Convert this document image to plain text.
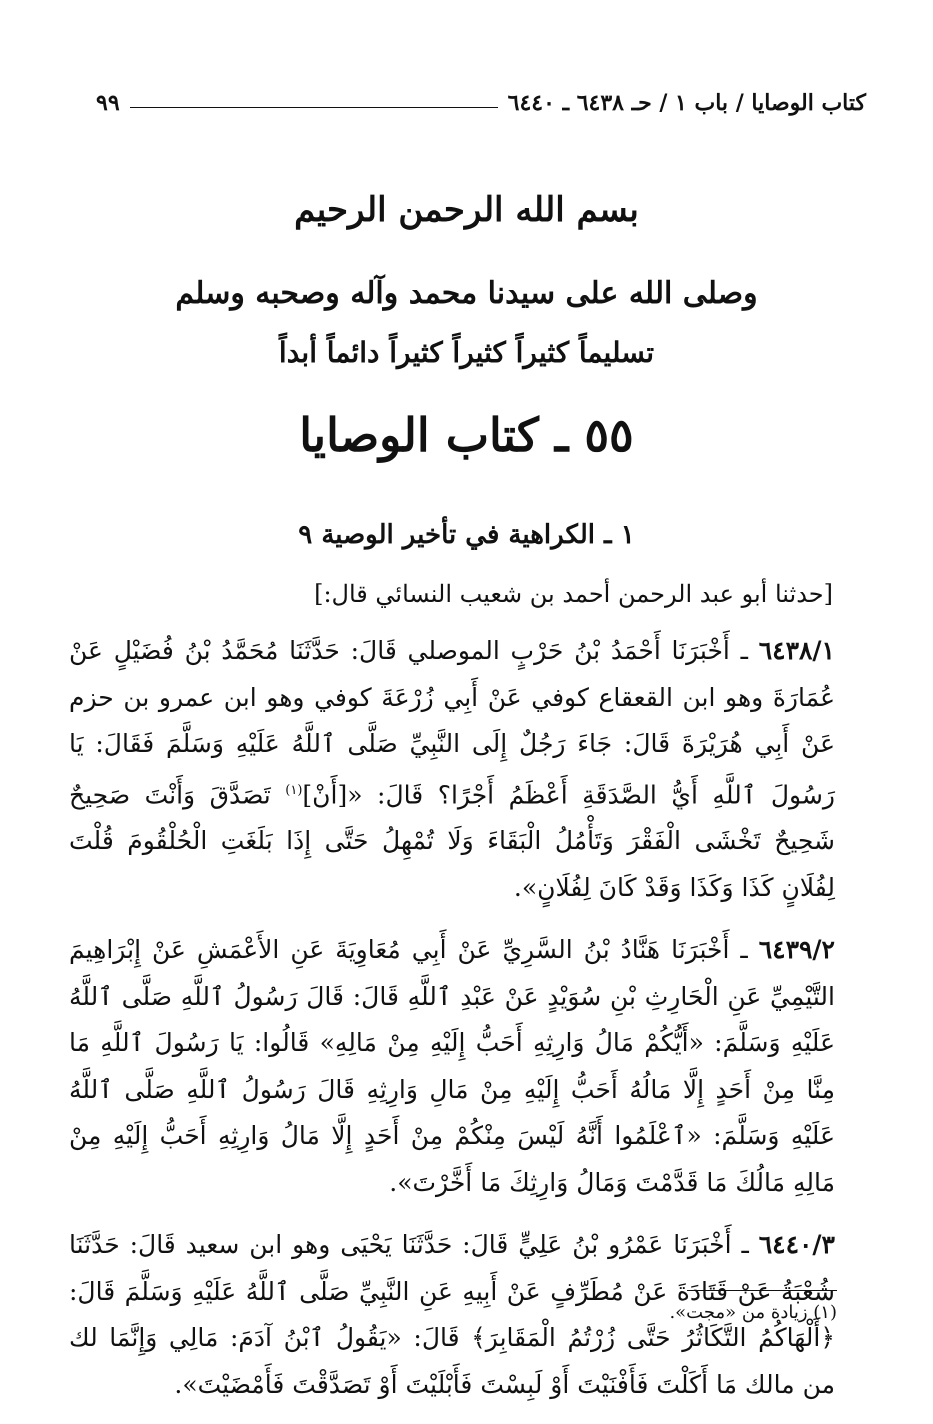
كتاب الوصايا / باب ١ / حـ ٦٤٣٨ ـ ٦٤٤٠
٩٩
بسم الله الرحمن الرحيم
وصلى الله على سيدنا محمد وآله وصحبه وسلم
تسليماً كثيراً كثيراً كثيراً دائماً أبداً
٥٥ ـ كتاب الوصايا
١ ـ الكراهية في تأخير الوصية ٩
[حدثنا أبو عبد الرحمن أحمد بن شعيب النسائي قال:]

٦٤٣٨/١ ـ أَخْبَرَنَا أَحْمَدُ بْنُ حَرْبٍ الموصلي قَالَ: حَدَّثَنَا مُحَمَّدُ بْنُ فُضَيْلٍ عَنْ عُمَارَةَ وهو ابن القعقاع كوفي عَنْ أَبِي زُرْعَةَ كوفي وهو ابن عمرو بن حزم عَنْ أَبِي هُرَيْرَةَ قَالَ: جَاءَ رَجُلٌ إِلَى النَّبِيِّ صَلَّى ٱللَّهُ عَلَيْهِ وَسَلَّمَ فَقَالَ: يَا رَسُولَ ٱللَّهِ أَيُّ الصَّدَقَةِ أَعْظَمُ أَجْرًا؟ قَالَ: «[أَنْ]$^{(١)}$ تَصَدَّقَ وَأَنْتَ صَحِيحٌ شَحِيحٌ تَخْشَى الْفَقْرَ وَتَأْمُلُ الْبَقَاءَ وَلَا تُمْهِلُ حَتَّى إِذَا بَلَغَتِ الْحُلْقُومَ قُلْتَ لِفُلَانٍ كَذَا وَكَذَا وَقَدْ كَانَ لِفُلَانٍ».

٦٤٣٩/٢ ـ أَخْبَرَنَا هَنَّادُ بْنُ السَّرِيِّ عَنْ أَبِي مُعَاوِيَةَ عَنِ الأَعْمَشِ عَنْ إِبْرَاهِيمَ التَّيْمِيِّ عَنِ الْحَارِثِ بْنِ سُوَيْدٍ عَنْ عَبْدِ ٱللَّهِ قَالَ: قَالَ رَسُولُ ٱللَّهِ صَلَّى ٱللَّهُ عَلَيْهِ وَسَلَّمَ: «أَيُّكُمْ مَالُ وَارِثِهِ أَحَبُّ إِلَيْهِ مِنْ مَالِهِ» قَالُوا: يَا رَسُولَ ٱللَّهِ مَا مِنَّا مِنْ أَحَدٍ إِلَّا مَالُهُ أَحَبُّ إِلَيْهِ مِنْ مَالِ وَارِثِهِ قَالَ رَسُولُ ٱللَّهِ صَلَّى ٱللَّهُ عَلَيْهِ وَسَلَّمَ: «ٱعْلَمُوا أَنَّهُ لَيْسَ مِنْكُمْ مِنْ أَحَدٍ إِلَّا مَالُ وَارِثِهِ أَحَبُّ إِلَيْهِ مِنْ مَالِهِ مَالُكَ مَا قَدَّمْتَ وَمَالُ وَارِثِكَ مَا أَخَّرْتَ».

٦٤٤٠/٣ ـ أَخْبَرَنَا عَمْرُو بْنُ عَلِيٍّ قَالَ: حَدَّثَنَا يَحْيَى وهو ابن سعيد قَالَ: حَدَّثَنَا شُعْبَةُ عَنْ قَتَادَةَ عَنْ مُطَرِّفٍ عَنْ أَبِيهِ عَنِ النَّبِيِّ صَلَّى ٱللَّهُ عَلَيْهِ وَسَلَّمَ قَالَ: ﴿أَلْهَاكُمُ التَّكَاثُرُ حَتَّى زُرْتُمُ الْمَقَابِرَ﴾ قَالَ: «يَقُولُ ٱبْنُ آدَمَ: مَالِي وَإِنَّمَا لك من مالك مَا أَكَلْتَ فَأَفْنَيْتَ أَوْ لَبِسْتَ فَأَبْلَيْتَ أَوْ تَصَدَّقْتَ فَأَمْضَيْتَ».

(١) زيادة من «مجت».
